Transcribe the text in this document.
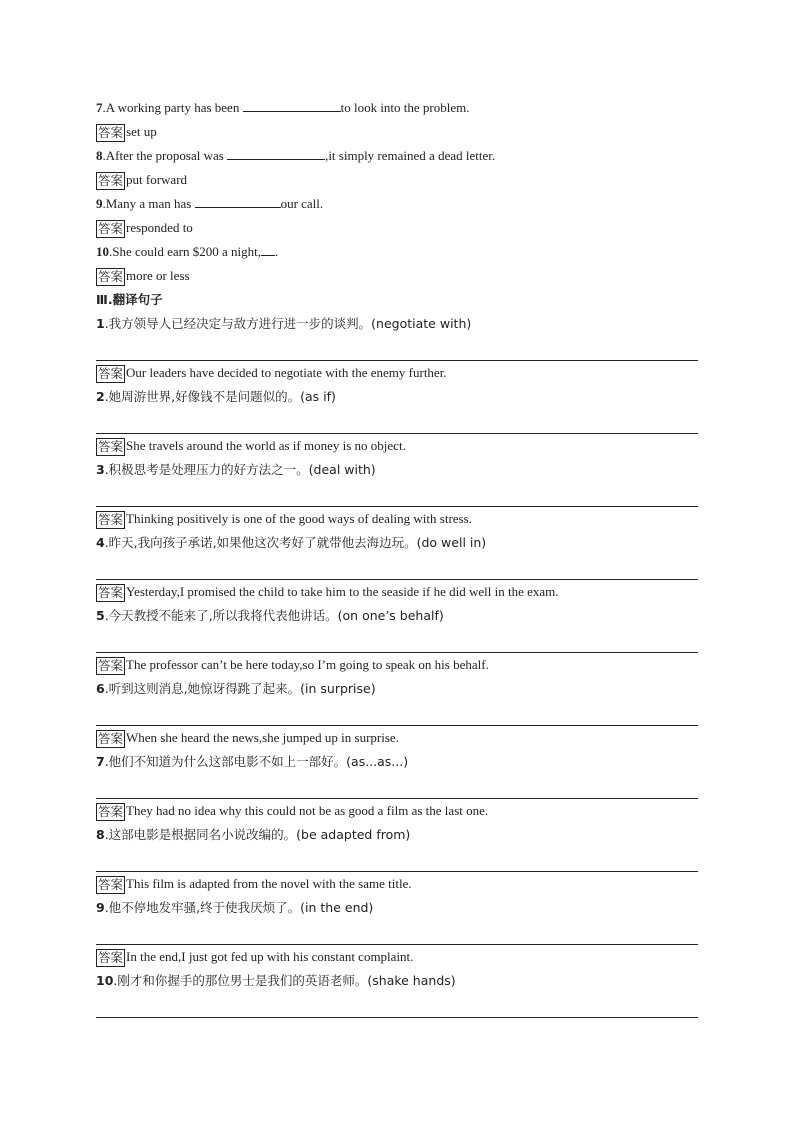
7.A working party has been	to look into the problem.
答案 set up
8.After the proposal was	,it simply remained a dead letter.
答案 put forward
9.Many a man has	our call.
答案 responded to
10.She could earn $200 a night, .
答案 more or less
Ⅲ.翻译句子
1.我方领导人已经决定与敌方进行进一步的谈判。(negotiate with)
答案 Our leaders have decided to negotiate with the enemy further.
2.她周游世界,好像钱不是问题似的。(as if)
答案 She travels around the world as if money is no object.
3.积极思考是处理压力的好方法之一。(deal with)
答案 Thinking positively is one of the good ways of dealing with stress.
4.昨天,我向孩子承诺,如果他这次考好了就带他去海边玩。(do well in)
答案 Yesterday,I promised the child to take him to the seaside if he did well in the exam.
5.今天教授不能来了,所以我将代表他讲话。(on one’s behalf)
答案 The professor can’t be here today,so I’m going to speak on his behalf.
6.听到这则消息,她惊讶得跳了起来。(in surprise)
答案 When she heard the news,she jumped up in surprise.
7.他们不知道为什么这部电影不如上一部好。(as...as...)
答案 They had no idea why this could not be as good a film as the last one.
8.这部电影是根据同名小说改编的。(be adapted from)
答案 This film is adapted from the novel with the same title.
9.他不停地发牢骚,终于使我厌烦了。(in the end)
答案 In the end,I just got fed up with his constant complaint.
10.刚才和你握手的那位男士是我们的英语老师。(shake hands)
